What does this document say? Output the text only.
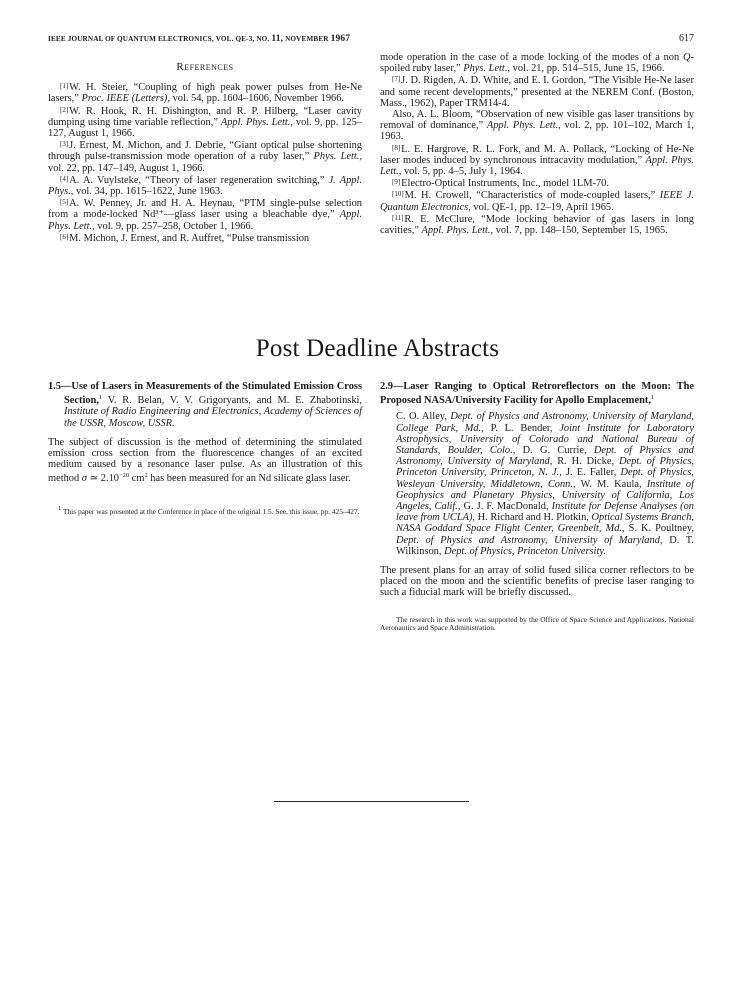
IEEE JOURNAL OF QUANTUM ELECTRONICS, VOL. QE-3, NO. 11, NOVEMBER 1967	617
References

[1]W. H. Steier, “Coupling of high peak power pulses from He-Ne lasers,” Proc. IEEE (Letters), vol. 54, pp. 1604–1606, November 1966.

[2]W. R. Hook, R. H. Dishington, and R. P. Hilberg, “Laser cavity dumping using time variable reflection,” Appl. Phys. Lett., vol. 9, pp. 125–127, August 1, 1966.

[3]J. Ernest, M. Michon, and J. Debrie, “Giant optical pulse shortening through pulse-transmission mode operation of a ruby laser,” Phys. Lett., vol. 22, pp. 147–149, August 1, 1966.

[4]A. A. Vuylsteke, “Theory of laser regeneration switching,” J. Appl. Phys., vol. 34, pp. 1615–1622, June 1963.

[5]A. W. Penney, Jr. and H. A. Heynau, “PTM single-pulse selection from a mode-locked Nd³⁺—glass laser using a bleachable dye,” Appl. Phys. Lett., vol. 9, pp. 257–258, October 1, 1966.

[6]M. Michon, J. Ernest, and R. Auffret, “Pulse transmission

mode operation in the case of a mode locking of the modes of a non Q-spoiled ruby laser,” Phys. Lett., vol. 21, pp. 514–515, June 15, 1966.

[7]J. D. Rigden, A. D. White, and E. I. Gordon, “The Visible He-Ne laser and some recent developments,” presented at the NEREM Conf. (Boston, Mass., 1962), Paper TRM14-4.

Also, A. L. Bloom, “Observation of new visible gas laser transitions by removal of dominance,” Appl. Phys. Lett., vol. 2, pp. 101–102, March 1, 1963.

[8]L. E. Hargrove, R. L. Fork, and M. A. Pollack, “Locking of He-Ne laser modes induced by synchronous intracavity modulation,” Appl. Phys. Lett., vol. 5, pp. 4–5, July 1, 1964.

[9]Electro-Optical Instruments, Inc., model 1LM-70.

[10]M. H. Crowell, “Characteristics of mode-coupled lasers,” IEEE J. Quantum Electronics, vol. QE-1, pp. 12–19, April 1965.

[11]R. E. McClure, “Mode locking behavior of gas lasers in long cavities,” Appl. Phys. Lett., vol. 7, pp. 148–150, September 15, 1965.

Post Deadline Abstracts

1.5—Use of Lasers in Measurements of the Stimulated Emission Cross Section,$^1$ V. R. Belan, V. V. Grigoryants, and M. E. Zhabotinski, Institute of Radio Engineering and Electronics, Academy of Sciences of the USSR, Moscow, USSR.

The subject of discussion is the method of determining the stimulated emission cross section from the fluorescence changes of an excited medium caused by a resonance laser pulse. As an illustration of this method σ ≃ $2.10^{-20}$ $cm^2$ has been measured for an Nd silicate glass laser.

1 This paper was presented at the Conference in place of the original 1.5. See, this issue, pp. 425–427.

2.9—Laser Ranging to Optical Retroreflectors on the Moon: The Proposed NASA/University Facility for Apollo Emplacement,$^1$

C. O. Alley, Dept. of Physics and Astronomy, University of Maryland, College Park, Md., P. L. Bender, Joint Institute for Laboratory Astrophysics, University of Colorado and National Bureau of Standards, Boulder, Colo., D. G. Currie, Dept. of Physics and Astronomy, University of Maryland, R. H. Dicke, Dept. of Physics, Princeton University, Princeton, N. J., J. E. Faller, Dept. of Physics, Wesleyan University, Middletown, Conn., W. M. Kaula, Institute of Geophysics and Planetary Physics, University of California, Los Angeles, Calif., G. J. F. MacDonald, Institute for Defense Analyses (on leave from UCLA), H. Richard and H. Plotkin, Optical Systems Branch, NASA Goddard Space Flight Center, Greenbelt, Md., S. K. Poultney, Dept. of Physics and Astronomy, University of Maryland, D. T. Wilkinson, Dept. of Physics, Princeton University.

The present plans for an array of solid fused silica corner reflectors to be placed on the moon and the scientific benefits of precise laser ranging to such a fiducial mark will be briefly discussed.

The research in this work was supported by the Office of Space Science and Applications, National Aeronautics and Space Administration.
